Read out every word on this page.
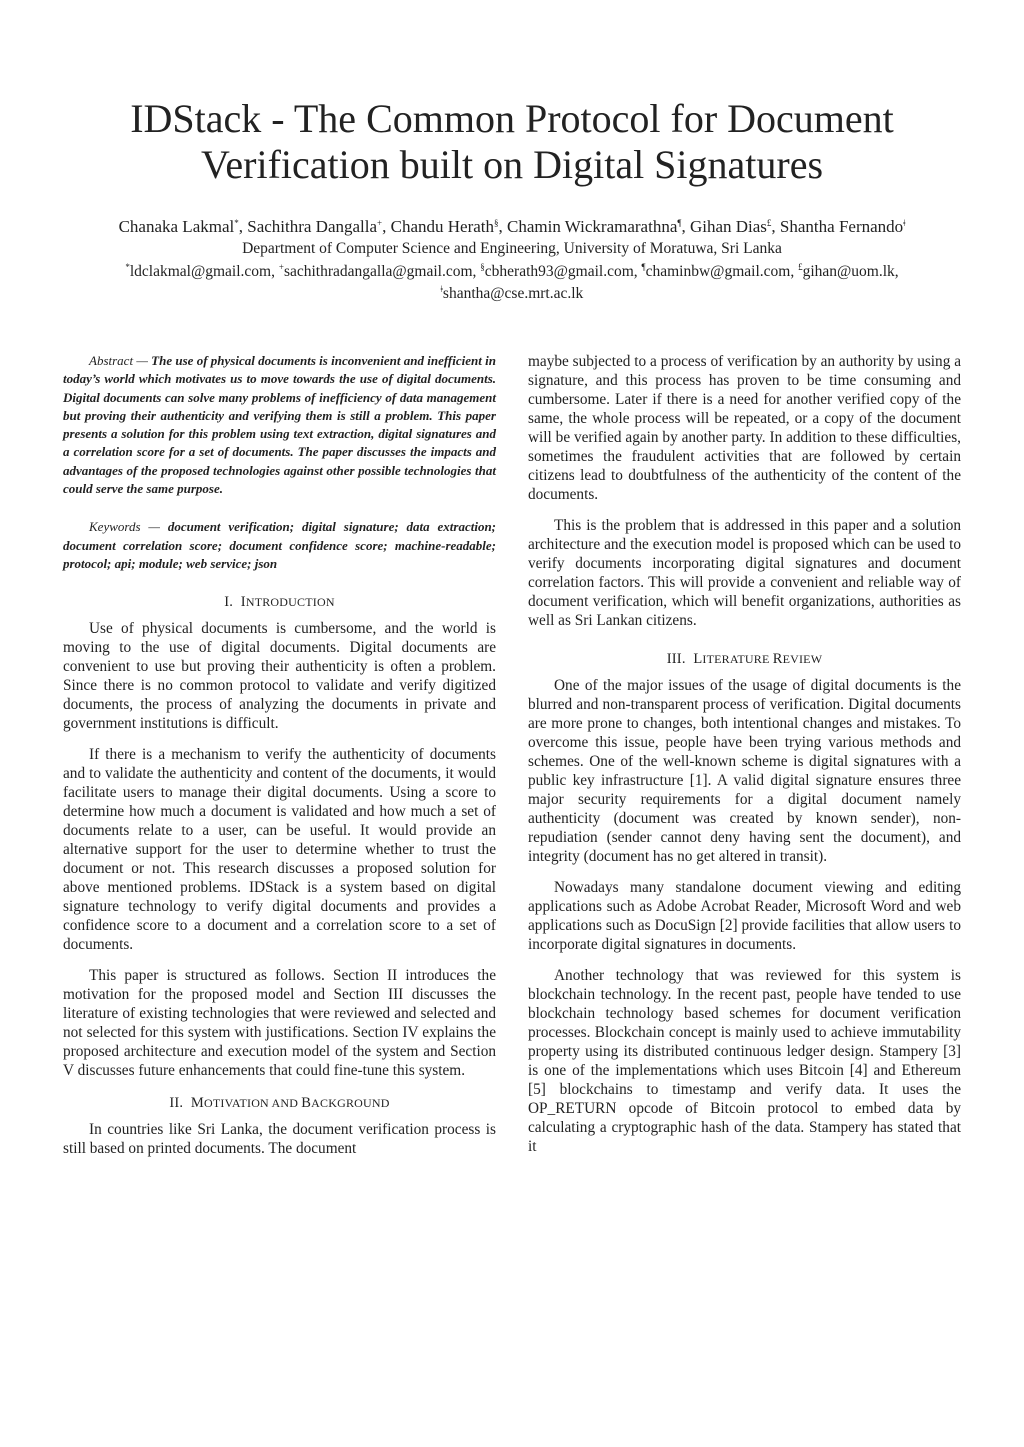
IDStack - The Common Protocol for Document
Verification built on Digital Signatures
Chanaka Lakmal*, Sachithra Dangalla+, Chandu Herath§, Chamin Wickramarathna¶, Gihan Dias£, Shantha Fernando$^ǂ$
Department of Computer Science and Engineering, University of Moratuwa, Sri Lanka
*ldclakmal@gmail.com, +sachithradangalla@gmail.com, §cbherath93@gmail.com, ¶chaminbw@gmail.com, £gihan@uom.lk,
$^ǂ$shantha@cse.mrt.ac.lk

Abstract — The use of physical documents is inconvenient and inefficient in today’s world which motivates us to move towards the use of digital documents. Digital documents can solve many problems of inefficiency of data management but proving their authenticity and verifying them is still a problem. This paper presents a solution for this problem using text extraction, digital signatures and a correlation score for a set of documents. The paper discusses the impacts and advantages of the proposed technologies against other possible technologies that could serve the same purpose.

Keywords — document verification; digital signature; data extraction; document correlation score; document confidence score; machine-readable; protocol; api; module; web service; json

I. INTRODUCTION

Use of physical documents is cumbersome, and the world is moving to the use of digital documents. Digital documents are convenient to use but proving their authenticity is often a problem. Since there is no common protocol to validate and verify digitized documents, the process of analyzing the documents in private and government institutions is difficult.

If there is a mechanism to verify the authenticity of documents and to validate the authenticity and content of the documents, it would facilitate users to manage their digital documents. Using a score to determine how much a document is validated and how much a set of documents relate to a user, can be useful. It would provide an alternative support for the user to determine whether to trust the document or not. This research discusses a proposed solution for above mentioned problems. IDStack is a system based on digital signature technology to verify digital documents and provides a confidence score to a document and a correlation score to a set of documents.

This paper is structured as follows. Section II introduces the motivation for the proposed model and Section III discusses the literature of existing technologies that were reviewed and selected and not selected for this system with justifications. Section IV explains the proposed architecture and execution model of the system and Section V discusses future enhancements that could fine-tune this system.

II. MOTIVATION AND BACKGROUND

In countries like Sri Lanka, the document verification process is still based on printed documents. The document

maybe subjected to a process of verification by an authority by using a signature, and this process has proven to be time consuming and cumbersome. Later if there is a need for another verified copy of the same, the whole process will be repeated, or a copy of the document will be verified again by another party. In addition to these difficulties, sometimes the fraudulent activities that are followed by certain citizens lead to doubtfulness of the authenticity of the content of the documents.

This is the problem that is addressed in this paper and a solution architecture and the execution model is proposed which can be used to verify documents incorporating digital signatures and document correlation factors. This will provide a convenient and reliable way of document verification, which will benefit organizations, authorities as well as Sri Lankan citizens.

III. LITERATURE REVIEW

One of the major issues of the usage of digital documents is the blurred and non-transparent process of verification. Digital documents are more prone to changes, both intentional changes and mistakes. To overcome this issue, people have been trying various methods and schemes. One of the well-known scheme is digital signatures with a public key infrastructure [1]. A valid digital signature ensures three major security requirements for a digital document namely authenticity (document was created by known sender), non-repudiation (sender cannot deny having sent the document), and integrity (document has no get altered in transit).

Nowadays many standalone document viewing and editing applications such as Adobe Acrobat Reader, Microsoft Word and web applications such as DocuSign [2] provide facilities that allow users to incorporate digital signatures in documents.

Another technology that was reviewed for this system is blockchain technology. In the recent past, people have tended to use blockchain technology based schemes for document verification processes. Blockchain concept is mainly used to achieve immutability property using its distributed continuous ledger design. Stampery [3] is one of the implementations which uses Bitcoin [4] and Ethereum [5] blockchains to timestamp and verify data. It uses the OP_RETURN opcode of Bitcoin protocol to embed data by calculating a cryptographic hash of the data. Stampery has stated that it
